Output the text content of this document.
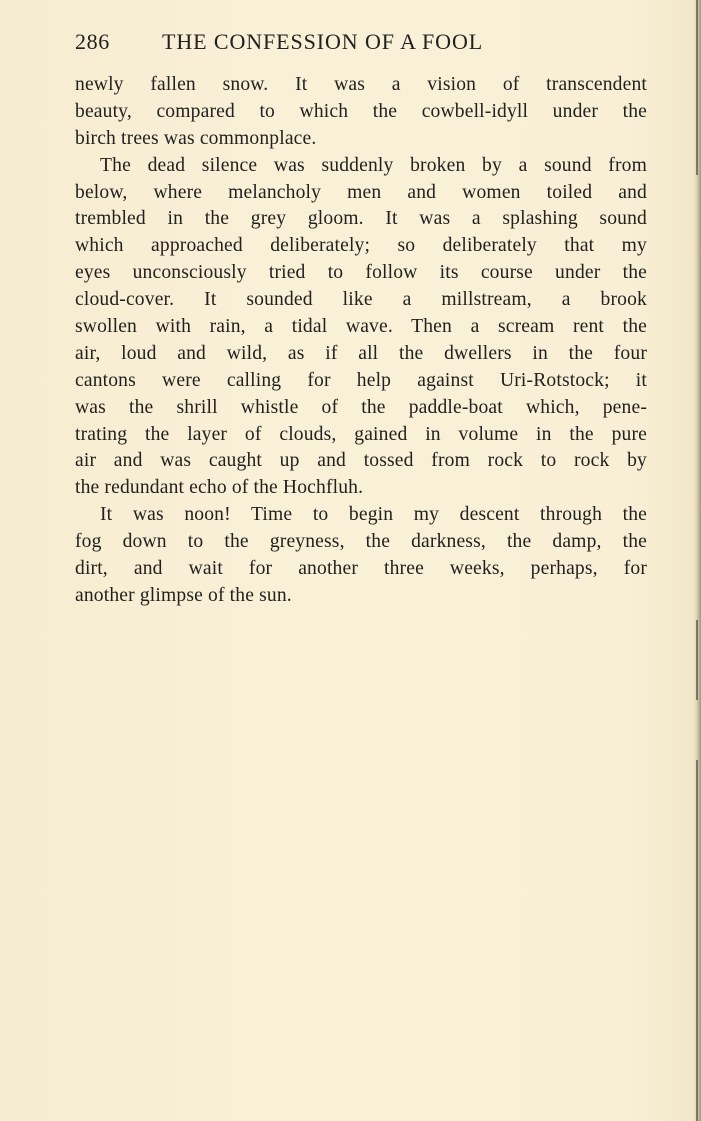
286 THE CONFESSION OF A FOOL
newly fallen snow. It was a vision of transcendent
beauty, compared to which the cowbell-idyll under the
birch trees was commonplace.
The dead silence was suddenly broken by a sound from
below, where melancholy men and women toiled and
trembled in the grey gloom. It was a splashing sound
which approached deliberately; so deliberately that my
eyes unconsciously tried to follow its course under the
cloud-cover. It sounded like a millstream, a brook
swollen with rain, a tidal wave. Then a scream rent the
air, loud and wild, as if all the dwellers in the four
cantons were calling for help against Uri-Rotstock; it
was the shrill whistle of the paddle-boat which, pene-
trating the layer of clouds, gained in volume in the pure
air and was caught up and tossed from rock to rock by
the redundant echo of the Hochfluh.
It was noon! Time to begin my descent through the
fog down to the greyness, the darkness, the damp, the
dirt, and wait for another three weeks, perhaps, for
another glimpse of the sun.
